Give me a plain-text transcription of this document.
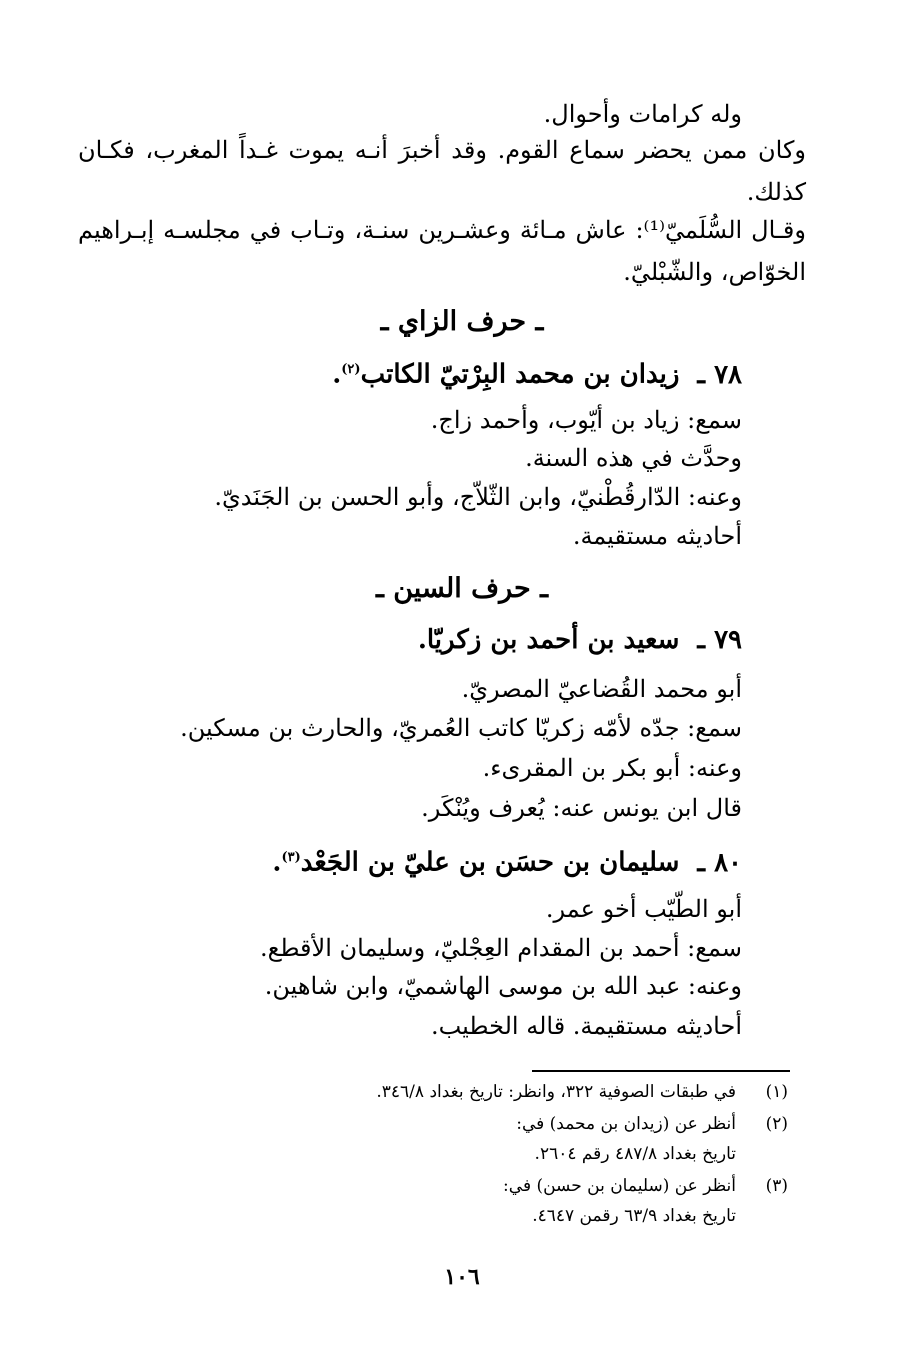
وله كرامات وأحوال.
وكان ممن يحضر سماع القوم. وقد أخبرَ أنـه يموت غـداً المغرب، فكـان
كذلك.
وقـال السُّلَميّ⁽¹⁾: عاش مـائة وعشـرين سنـة، وتـاب في مجلسـه إبـراهيم
الخوّاص، والشّبْليّ.
ـ حرف الزاي ـ
٧٨ ـزيدان بن محمد البِرْتيّ الكاتب$^{(٢)}$.
سمع: زياد بن أيّوب، وأحمد زاج.
وحدَّث في هذه السنة.
وعنه: الدّارقُطْنيّ، وابن الثّلاّج، وأبو الحسن بن الجَنَديّ.
أحاديثه مستقيمة.
ـ حرف السين ـ
٧٩ ـسعيد بن أحمد بن زكريّا.
أبو محمد القُضاعيّ المصريّ.
سمع: جدّه لأمّه زكريّا كاتب العُمريّ، والحارث بن مسكين.
وعنه: أبو بكر بن المقرىء.
قال ابن يونس عنه: يُعرف ويُنْكَر.
٨٠ ـسليمان بن حسَن بن عليّ بن الجَعْد$^{(٣)}$.
أبو الطّيّب أخو عمر.
سمع: أحمد بن المقدام العِجْليّ، وسليمان الأقطع.
وعنه: عبد الله بن موسى الهاشميّ، وابن شاهين.
أحاديثه مستقيمة. قاله الخطيب.
(١)
في طبقات الصوفية ٣٢٢، وانظر: تاريخ بغداد ٣٤٦/٨.
(٢)
أنظر عن (زيدان بن محمد) في:
تاريخ بغداد ٤٨٧/٨ رقم ٢٦٠٤.
(٣)
أنظر عن (سليمان بن حسن) في:
تاريخ بغداد ٦٣/٩ رقمن ٤٦٤٧.
١٠٦
